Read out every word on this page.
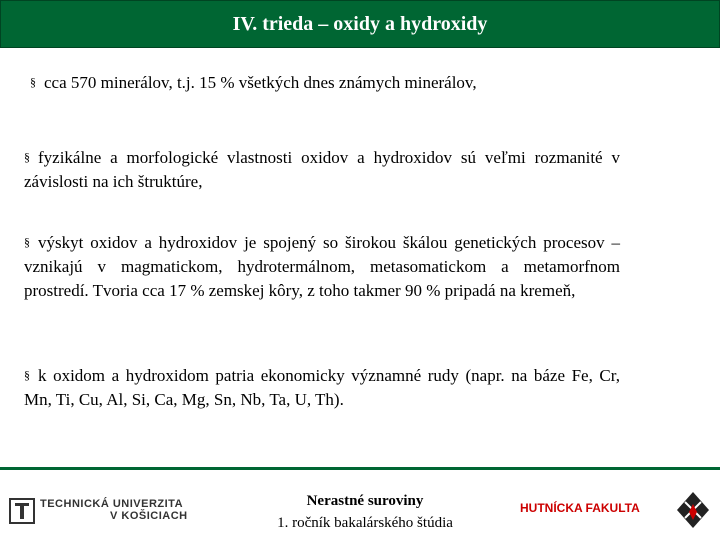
IV. trieda – oxidy a hydroxidy

§ cca 570 minerálov, t.j. 15 % všetkých dnes známych minerálov,

§ fyzikálne a morfologické vlastnosti oxidov a hydroxidov sú veľmi rozmanité v závislosti na ich štruktúre,

§ výskyt oxidov a hydroxidov je spojený so širokou škálou genetických procesov – vznikajú v magmatickom, hydrotermálnom, metasomatickom a metamorfnom prostredí. Tvoria cca 17 % zemskej kôry, z toho takmer 90 % pripadá na kremeň,

§ k oxidom a hydroxidom patria ekonomicky významné rudy (napr. na báze Fe, Cr, Mn, Ti, Cu, Al, Si, Ca, Mg, Sn, Nb, Ta, U, Th).

TECHNICKÁ UNIVERZITA
V KOŠICIACH
Nerastné suroviny
1. ročník bakalárského štúdia
HUTNÍCKA FAKULTA
